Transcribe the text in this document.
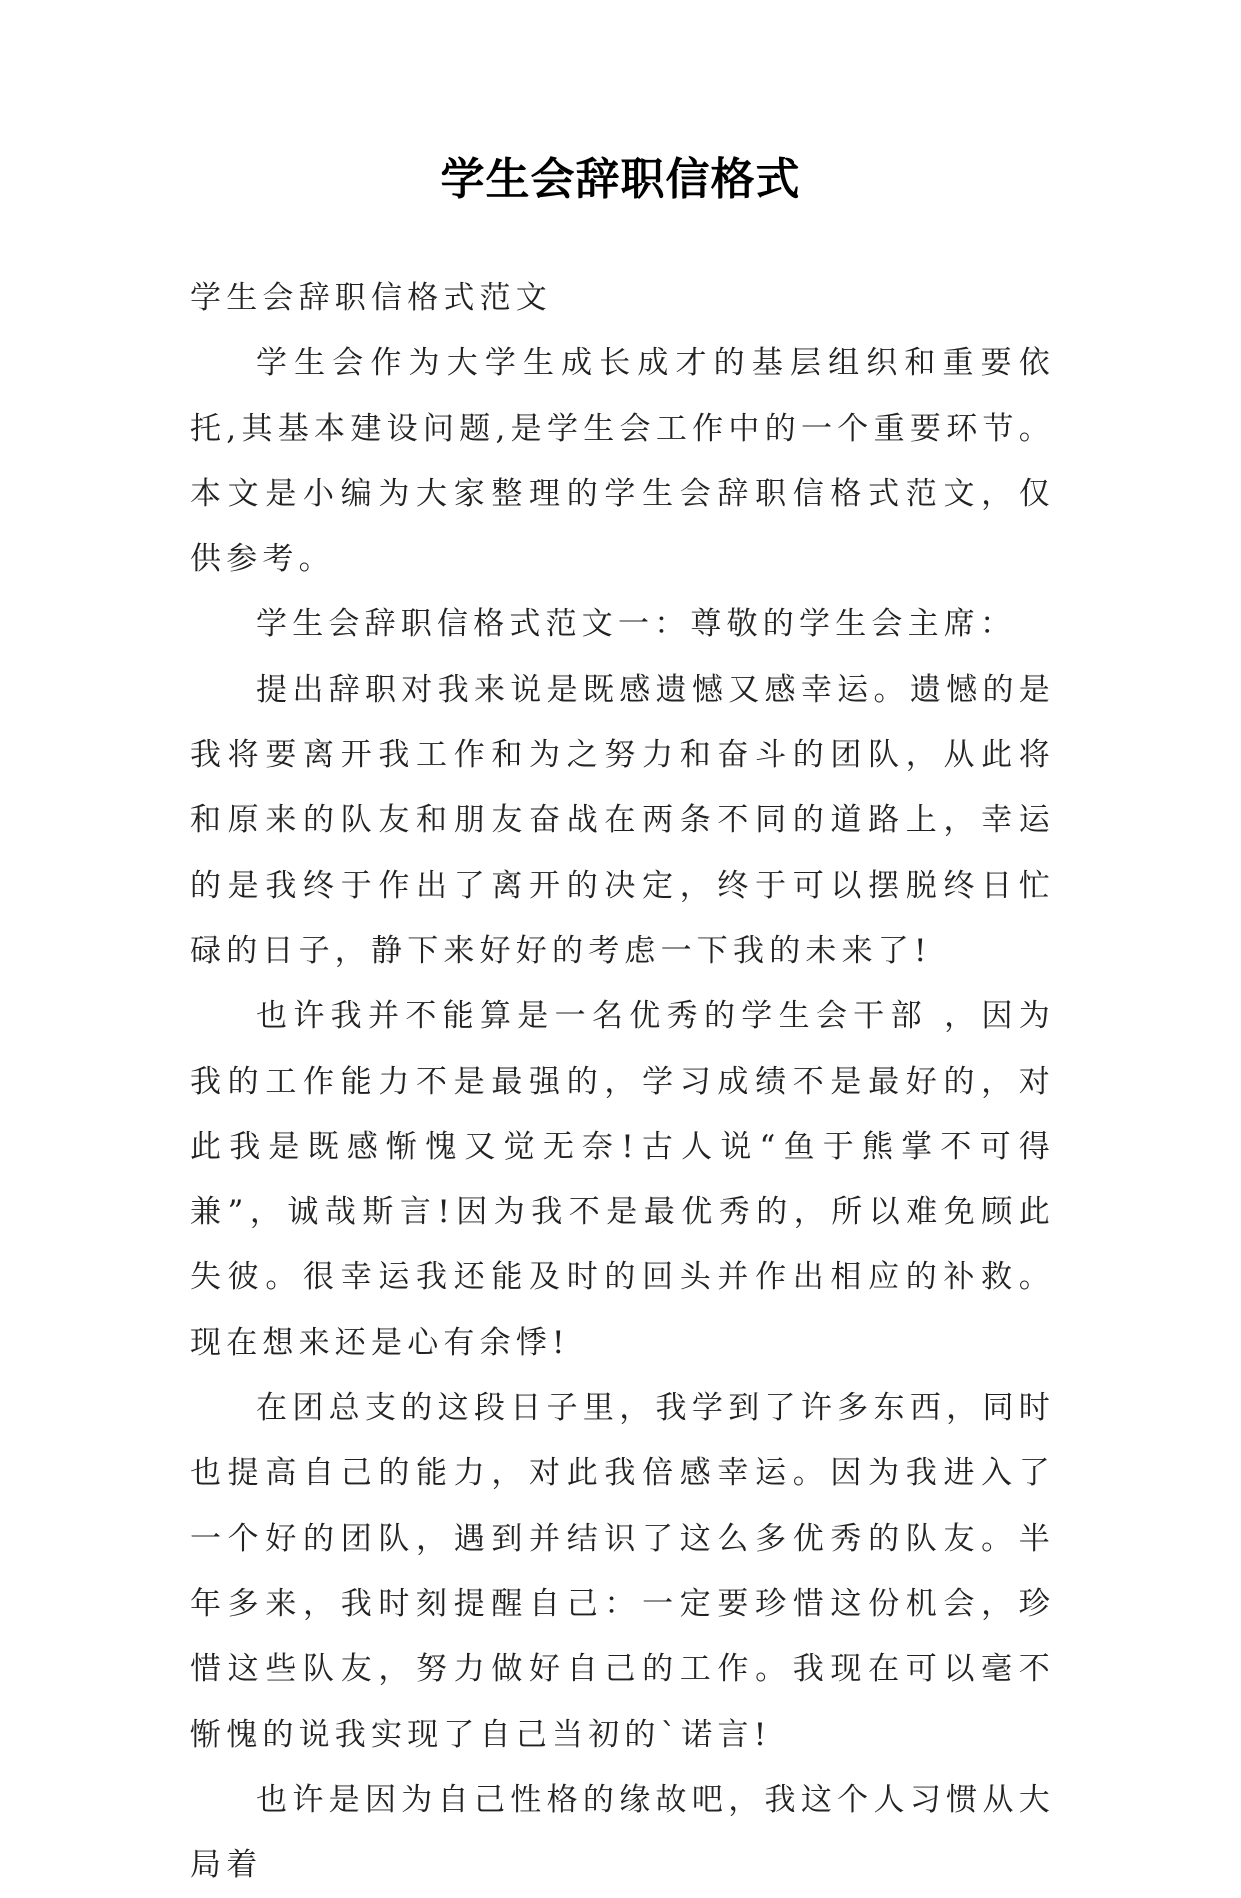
学生会辞职信格式

学生会辞职信格式范文

学生会作为大学生成长成才的基层组织和重要依托,其基本建设问题,是学生会工作中的一个重要环节。本文是小编为大家整理的学生会辞职信格式范文，仅供参考。

学生会辞职信格式范文一：尊敬的学生会主席：

提出辞职对我来说是既感遗憾又感幸运。遗憾的是我将要离开我工作和为之努力和奋斗的团队，从此将和原来的队友和朋友奋战在两条不同的道路上，幸运的是我终于作出了离开的决定，终于可以摆脱终日忙碌的日子，静下来好好的考虑一下我的未来了!

也许我并不能算是一名优秀的学生会干部 ，因为我的工作能力不是最强的，学习成绩不是最好的，对此我是既感惭愧又觉无奈!古人说“鱼于熊掌不可得兼”，诚哉斯言!因为我不是最优秀的，所以难免顾此失彼。很幸运我还能及时的回头并作出相应的补救。现在想来还是心有余悸!

在团总支的这段日子里，我学到了许多东西，同时也提高自己的能力，对此我倍感幸运。因为我进入了一个好的团队，遇到并结识了这么多优秀的队友。半年多来，我时刻提醒自己：一定要珍惜这份机会，珍惜这些队友，努力做好自己的工作。我现在可以毫不惭愧的说我实现了自己当初的`诺言!

也许是因为自己性格的缘故吧，我这个人习惯从大局着
